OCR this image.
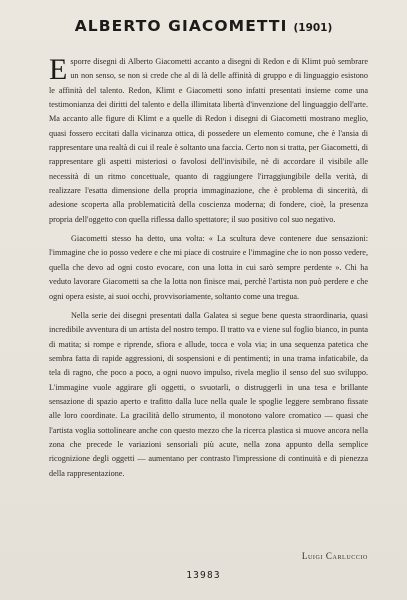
ALBERTO GIACOMETTI (1901)

Esporre disegni di Alberto Giacometti accanto a disegni di Redon e di Klimt può sembrare un non senso, se non si crede che al di là delle affinità di gruppo e di linguaggio esistono le affinità del talento. Redon, Klimt e Giacometti sono infatti presentati insieme come una testimonianza dei diritti del talento e della illimitata libertà d'invenzione del linguaggio dell'arte. Ma accanto alle figure di Klimt e a quelle di Redon i disegni di Giacometti mostrano meglio, quasi fossero eccitati dalla vicinanza ottica, di possedere un elemento comune, che è l'ansia di rappresentare una realtà di cui il reale è soltanto una faccia. Certo non si tratta, per Giacometti, di rappresentare gli aspetti misteriosi o favolosi dell'invisibile, nè di accordare il visibile alle necessità di un ritmo concettuale, quanto di raggiungere l'irraggiungibile della verità, di realizzare l'esatta dimensione della propria immaginazione, che è problema di sincerità, di adesione scoperta alla problematicità della coscienza moderna; di fondere, cioè, la presenza propria dell'oggetto con quella riflessa dallo spettatore; il suo positivo col suo negativo.

Giacometti stesso ha detto, una volta: « La scultura deve contenere due sensazioni: l'immagine che io posso vedere e che mi piace di costruire e l'immagine che io non posso vedere, quella che devo ad ogni costo evocare, con una lotta in cui sarò sempre perdente ». Chi ha veduto lavorare Giacometti sa che la lotta non finisce mai, perchè l'artista non può perdere e che ogni opera esiste, ai suoi occhi, provvisoriamente, soltanto come una tregua.

Nella serie dei disegni presentati dalla Galatea si segue bene questa straordinaria, quasi incredibile avventura di un artista del nostro tempo. Il tratto va e viene sul foglio bianco, in punta di matita; si rompe e riprende, sfiora e allude, tocca e vola via; in una sequenza patetica che sembra fatta di rapide aggressioni, di sospensioni e di pentimenti; in una trama infaticabile, da tela di ragno, che poco a poco, a ogni nuovo impulso, rivela meglio il senso del suo sviluppo. L'immagine vuole aggirare gli oggetti, o svuotarli, o distruggerli in una tesa e brillante sensazione di spazio aperto e trafitto dalla luce nella quale le spoglie leggere sembrano fissate alle loro coordinate. La gracilità dello strumento, il monotono valore cromatico — quasi che l'artista voglia sottolineare anche con questo mezzo che la ricerca plastica si muove ancora nella zona che precede le variazioni sensoriali più acute, nella zona appunto della semplice ricognizione degli oggetti — aumentano per contrasto l'impressione di continuità e di pienezza della rappresentazione.

Luigi Carluccio
13983
